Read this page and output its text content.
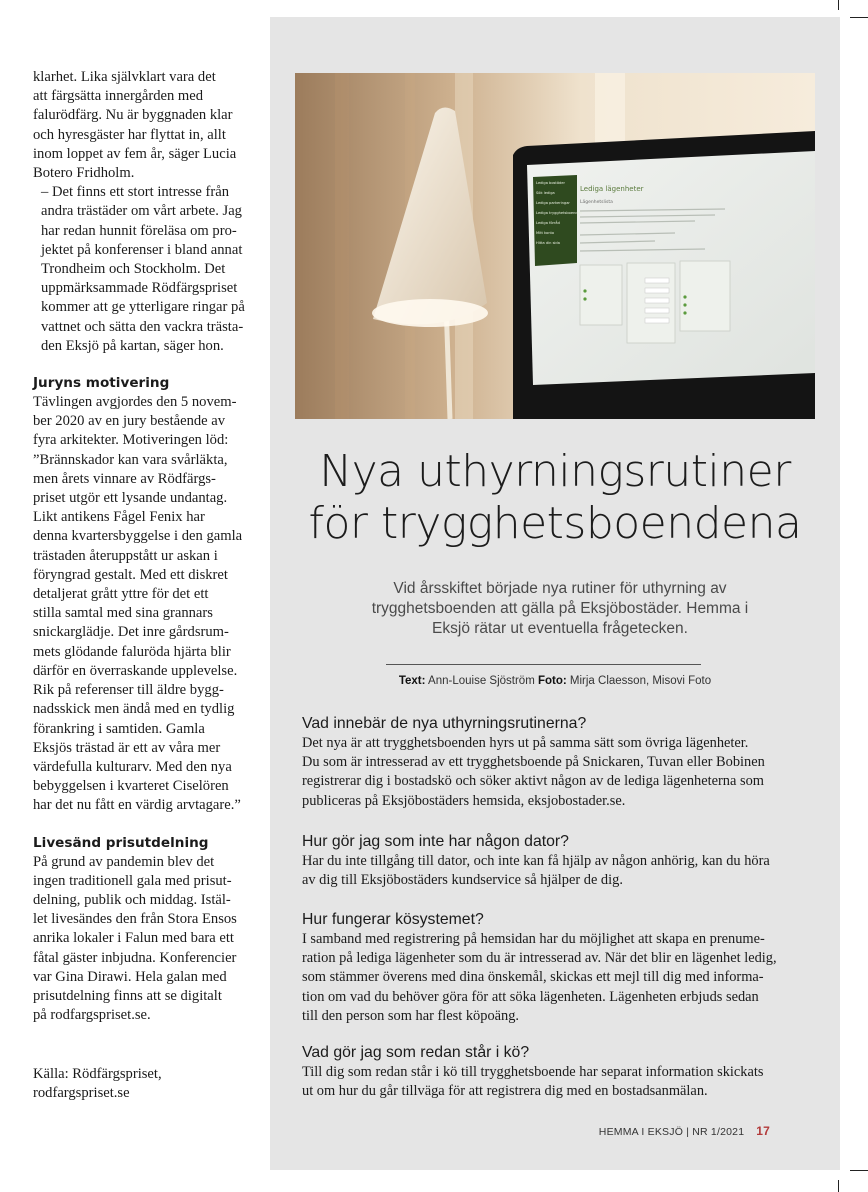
klarhet. Lika självklart vara det
att färgsätta innergården med
falurödfärg. Nu är byggnaden klar
och hyresgäster har flyttat in, allt
inom loppet av fem år, säger Lucia
Botero Fridholm.

– Det finns ett stort intresse från
andra trästäder om vårt arbete. Jag
har redan hunnit föreläsa om pro-
jektet på konferenser i bland annat
Trondheim och Stockholm. Det
uppmärksammade Rödfärgspriset
kommer att ge ytterligare ringar på
vattnet och sätta den vackra trästa-
den Eksjö på kartan, säger hon.

Juryns motivering

Tävlingen avgjordes den 5 novem-
ber 2020 av en jury bestående av
fyra arkitekter. Motiveringen löd:
”Brännskador kan vara svårläkta,
men årets vinnare av Rödfärgs-
priset utgör ett lysande undantag.
Likt antikens Fågel Fenix har
denna kvartersbyggelse i den gamla
trästaden återuppstått ur askan i
föryngrad gestalt. Med ett diskret
detaljerat grått yttre för det ett
stilla samtal med sina grannars
snickarglädje. Det inre gårdsrum-
mets glödande faluröda hjärta blir
därför en överraskande upplevelse.
Rik på referenser till äldre bygg-
nadsskick men ändå med en tydlig
förankring i samtiden. Gamla
Eksjös trästad är ett av våra mer
värdefulla kulturarv. Med den nya
bebyggelsen i kvarteret Ciselören
har det nu fått en värdig arvtagare.”

Livesänd prisutdelning

På grund av pandemin blev det
ingen traditionell gala med prisut-
delning, publik och middag. Istäl-
let livesändes den från Stora Ensos
anrika lokaler i Falun med bara ett
fåtal gäster inbjudna. Konferencier
var Gina Dirawi. Hela galan med
prisutdelning finns att se digitalt
på rodfargspriset.se.

Källa: Rödfärgspriset,
rodfargspriset.se
Lediga bostäder
Sök lediga
Lediga parkeringar
Lediga trygghetsboenden
Lediga förråd
Mitt konto
Hitta din sida
Lediga lägenheter
Lägenhetslista
Nya uthyrningsrutiner
för trygghetsboendena
Vid årsskiftet började nya rutiner för uthyrning av
trygghetsboenden att gälla på Eksjöbostäder. Hemma i
Eksjö rätar ut eventuella frågetecken.
Text: Ann-Louise Sjöström Foto: Mirja Claesson, Misovi Foto
Vad innebär de nya uthyrningsrutinerna?

Det nya är att trygghetsboenden hyrs ut på samma sätt som övriga lägenheter.
Du som är intresserad av ett trygghetsboende på Snickaren, Tuvan eller Bobinen
registrerar dig i bostadskö och söker aktivt någon av de lediga lägenheterna som
publiceras på Eksjöbostäders hemsida, eksjobostader.se.

Hur gör jag som inte har någon dator?

Har du inte tillgång till dator, och inte kan få hjälp av någon anhörig, kan du höra
av dig till Eksjöbostäders kundservice så hjälper de dig.

Hur fungerar kösystemet?

I samband med registrering på hemsidan har du möjlighet att skapa en prenume-
ration på lediga lägenheter som du är intresserad av. När det blir en lägenhet ledig,
som stämmer överens med dina önskemål, skickas ett mejl till dig med informa-
tion om vad du behöver göra för att söka lägenheten. Lägenheten erbjuds sedan
till den person som har flest köpoäng.

Vad gör jag som redan står i kö?

Till dig som redan står i kö till trygghetsboende har separat information skickats
ut om hur du går tillväga för att registrera dig med en bostadsanmälan.

HEMMA I EKSJÖ | NR 1/2021 17
